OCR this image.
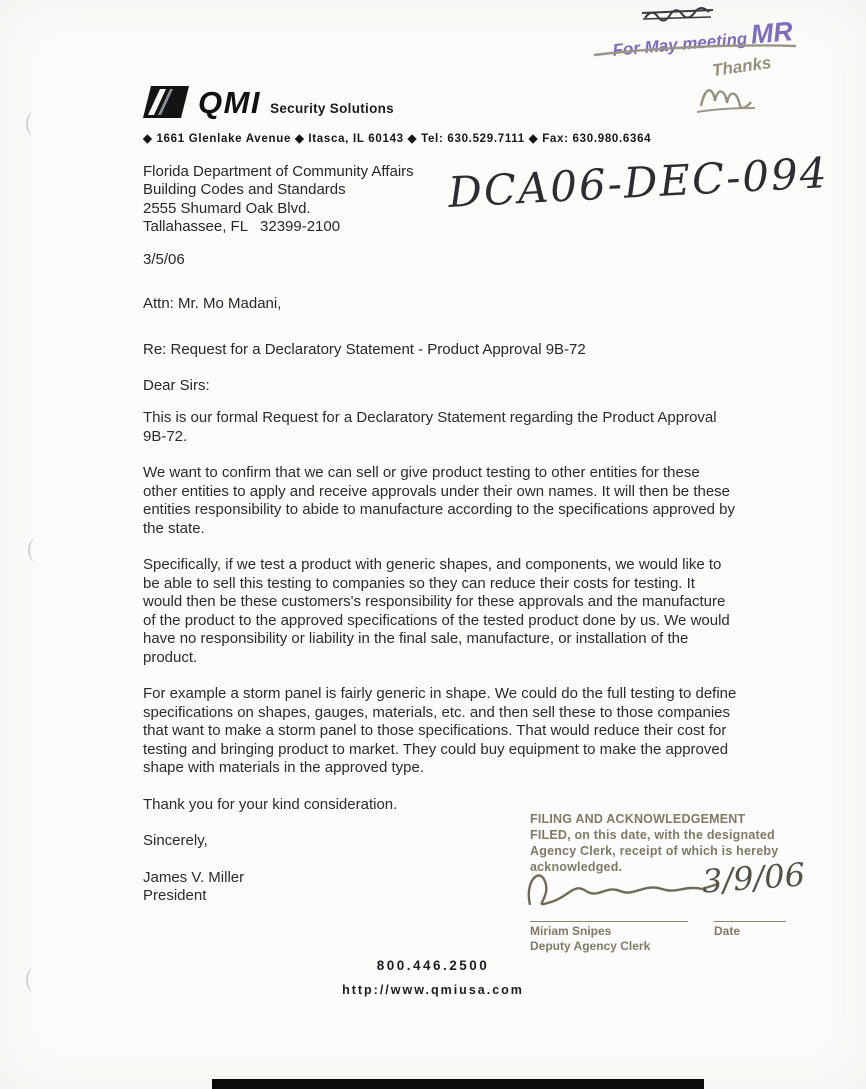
For May meetingMR
Thanks
QMI Security Solutions
◆ 1661 Glenlake Avenue ◆ Itasca, IL 60143 ◆ Tel: 630.529.7111 ◆ Fax: 630.980.6364
Florida Department of Community Affairs
Building Codes and Standards
2555 Shumard Oak Blvd.
Tallahassee, FL   32399-2100
DCA06-DEC-094
3/5/06
Attn: Mr. Mo Madani,
Re: Request for a Declaratory Statement - Product Approval 9B-72
Dear Sirs:

This is our formal Request for a Declaratory Statement regarding the Product Approval 9B-72.

We want to confirm that we can sell or give product testing to other entities for these other entities to apply and receive approvals under their own names. It will then be these entities responsibility to abide to manufacture according to the specifications approved by the state.

Specifically, if we test a product with generic shapes, and components, we would like to be able to sell this testing to companies so they can reduce their costs for testing. It would then be these customers's responsibility for these approvals and the manufacture of the product to the approved specifications of the tested product done by us. We would have no responsibility or liability in the final sale, manufacture, or installation of the product.

For example a storm panel is fairly generic in shape. We could do the full testing to define specifications on shapes, gauges, materials, etc. and then sell these to those companies that want to make a storm panel to those specifications. That would reduce their cost for testing and bringing product to market. They could buy equipment to make the approved shape with materials in the approved type.

Thank you for your kind consideration.

Sincerely,

James V. Miller
President
FILING AND ACKNOWLEDGEMENT
FILED, on this date, with the designated
Agency Clerk, receipt of which is hereby
acknowledged.	3/9/06
Miriam Snipes
Deputy Agency Clerk
Date
800.446.2500
http://www.qmiusa.com
